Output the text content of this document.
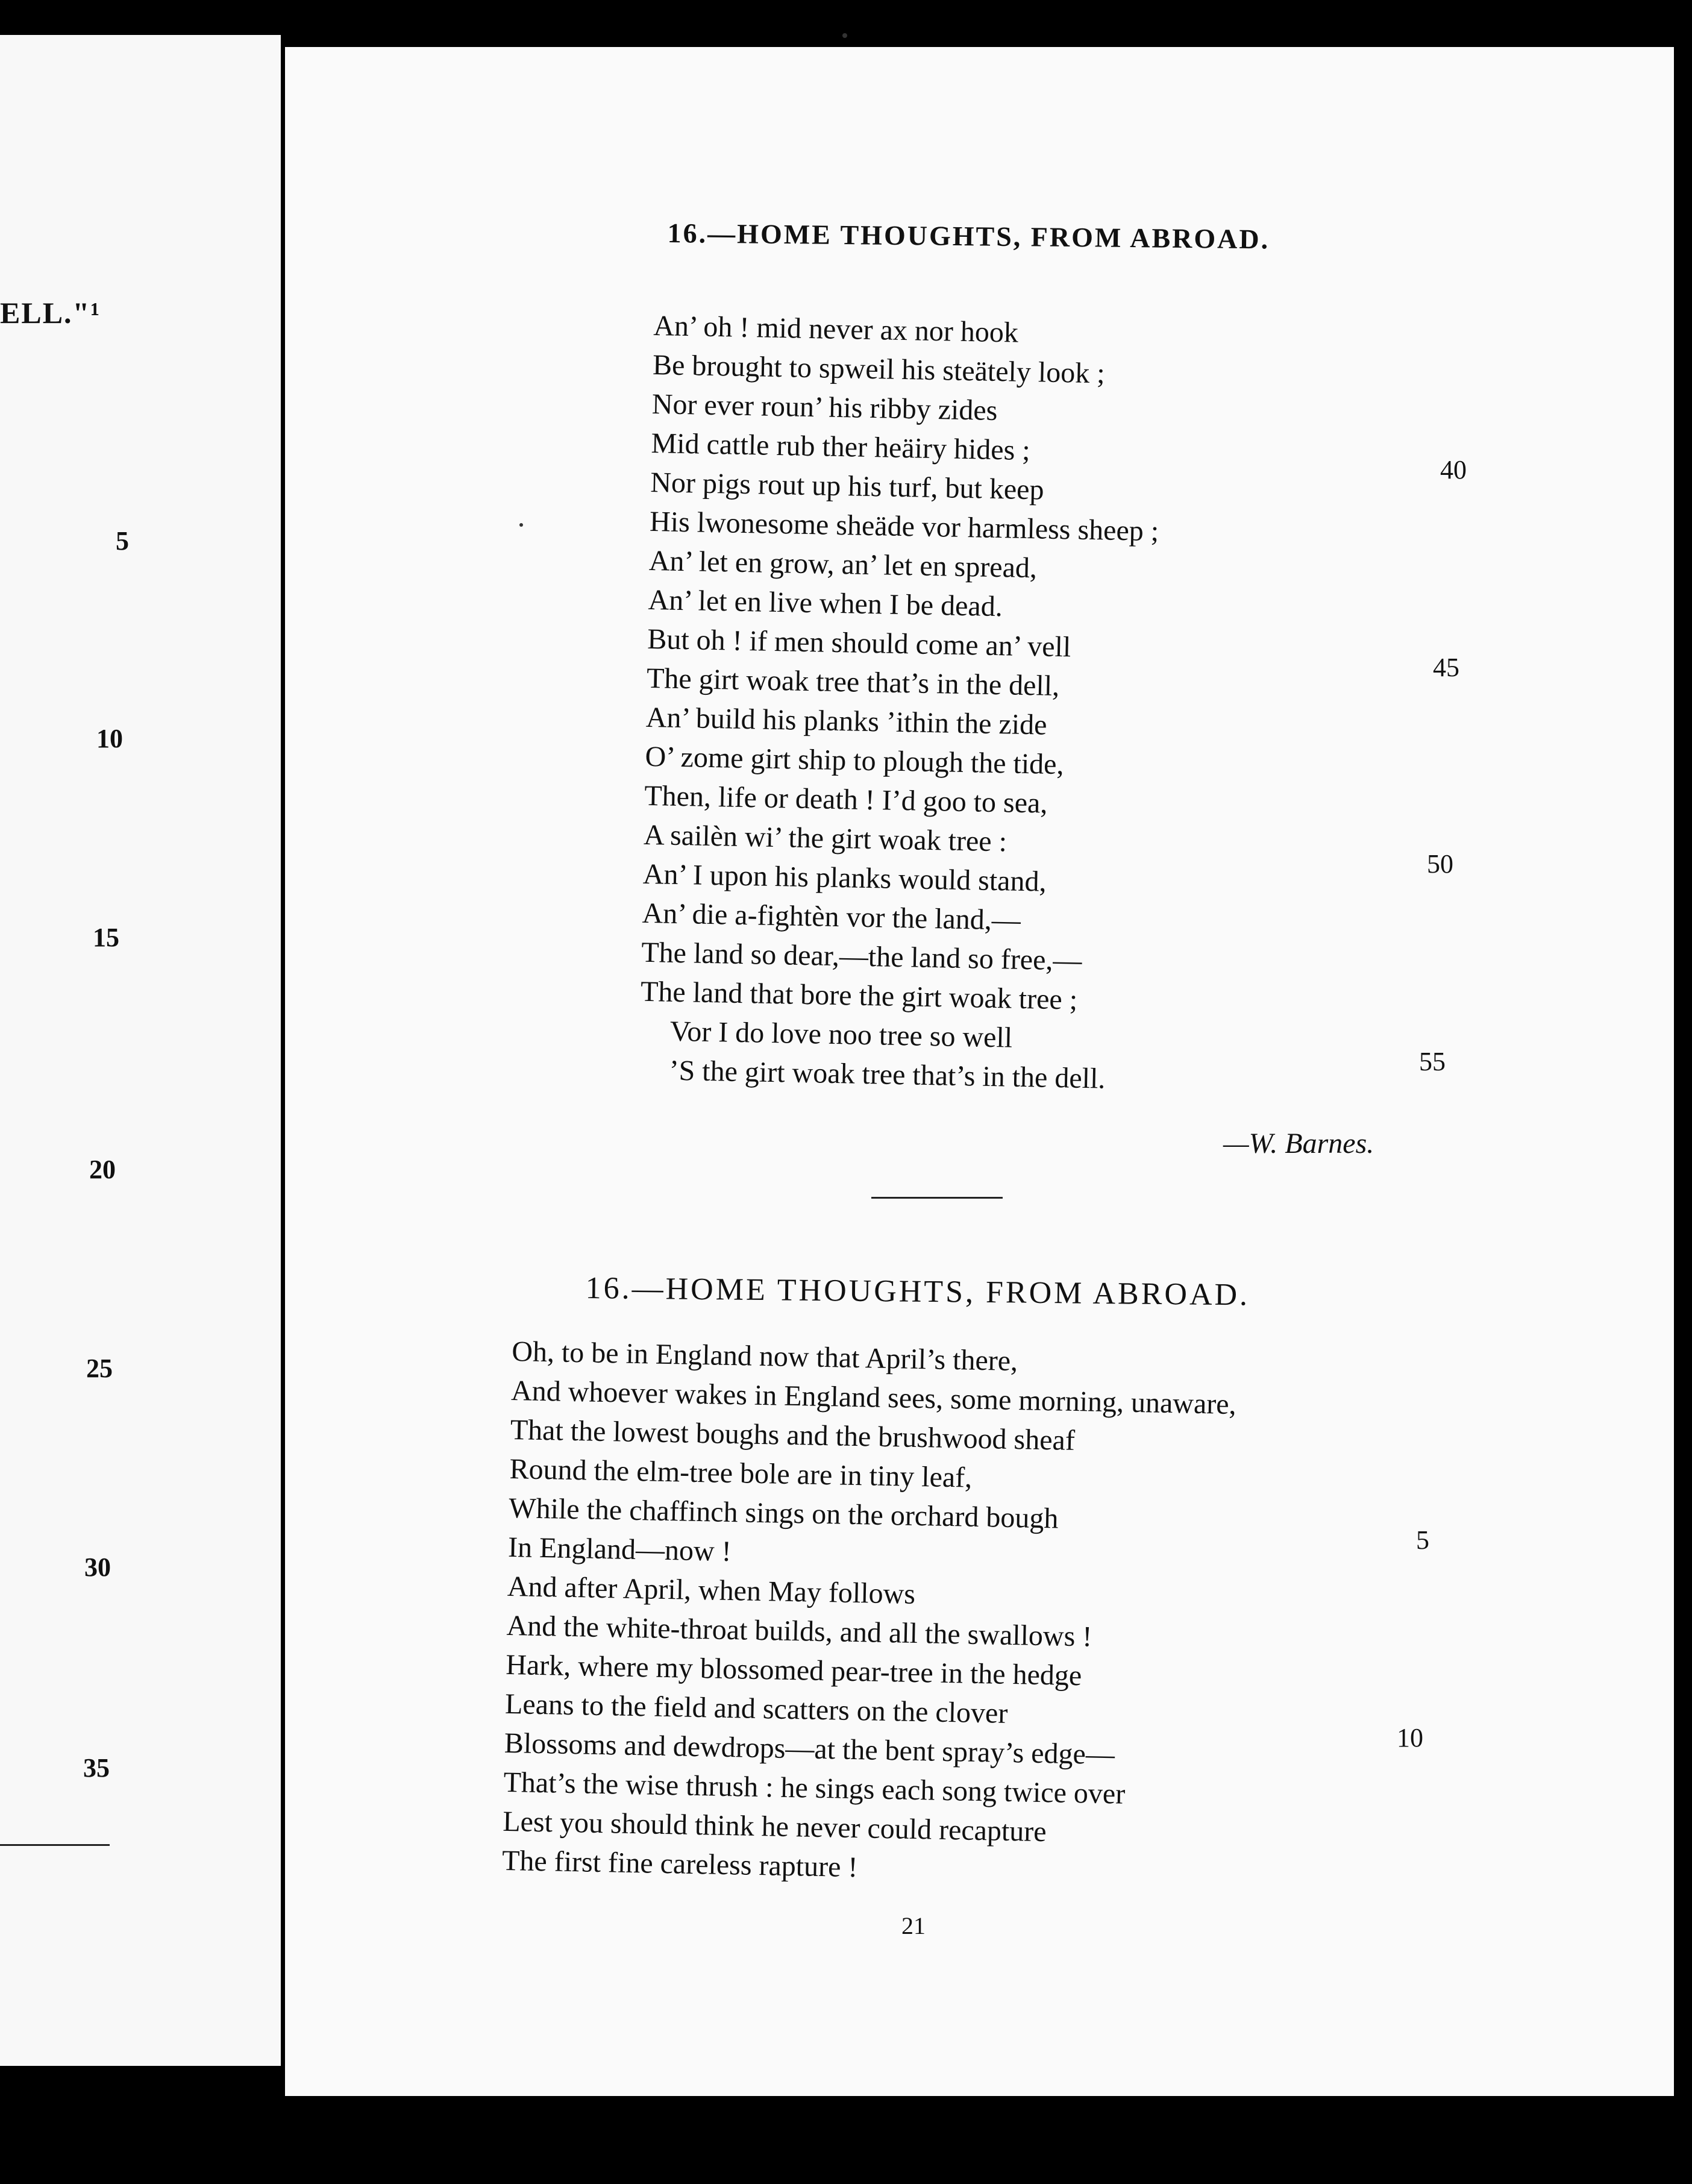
ELL."¹
5
10
15
20
25
30
35
16.—HOME THOUGHTS, FROM ABROAD.
An’ oh ! mid never ax nor hook
Be brought to spweil his steätely look ;
Nor ever roun’ his ribby zides
Mid cattle rub ther heäiry hides ;
Nor pigs rout up his turf, but keep
His lwonesome sheäde vor harmless sheep ;
An’ let en grow, an’ let en spread,
An’ let en live when I be dead.
But oh ! if men should come an’ vell
The girt woak tree that’s in the dell,
An’ build his planks ’ithin the zide
O’ zome girt ship to plough the tide,
Then, life or death ! I’d goo to sea,
A sailèn wi’ the girt woak tree :
An’ I upon his planks would stand,
An’ die a-fightèn vor the land,—
The land so dear,—the land so free,—
The land that bore the girt woak tree ;
Vor I do love noo tree so well
’S the girt woak tree that’s in the dell.
40
45
50
55
—W. Barnes.
16.—HOME THOUGHTS, FROM ABROAD.
Oh, to be in England now that April’s there,
And whoever wakes in England sees, some morning, unaware,
That the lowest boughs and the brushwood sheaf
Round the elm-tree bole are in tiny leaf,
While the chaffinch sings on the orchard bough
In England—now !
And after April, when May follows
And the white-throat builds, and all the swallows !
Hark, where my blossomed pear-tree in the hedge
Leans to the field and scatters on the clover
Blossoms and dewdrops—at the bent spray’s edge—
That’s the wise thrush : he sings each song twice over
Lest you should think he never could recapture
The first fine careless rapture !
5
10
21
